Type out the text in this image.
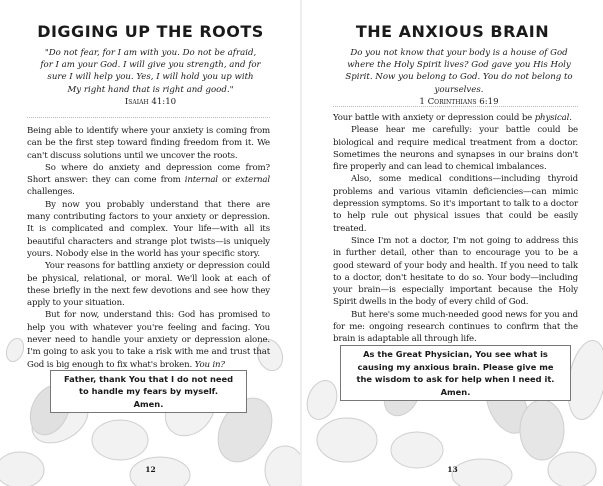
DIGGING UP THE ROOTS
"Do not fear, for I am with you. Do not be afraid, for I am your God. I will give you strength, and for sure I will help you. Yes, I will hold you up with My right hand that is right and good."
Isaiah 41:10

Being able to identify where your anxiety is coming from can be the first step toward finding freedom from it. We can't discuss solutions until we uncover the roots.

So where do anxiety and depression come from? Short answer: they can come from internal or external challenges.

By now you probably understand that there are many contributing factors to your anxiety or depression. It is complicated and complex. Your life—with all its beautiful characters and strange plot twists—is uniquely yours. Nobody else in the world has your specific story.

Your reasons for battling anxiety or depression could be physical, relational, or moral. We'll look at each of these briefly in the next few devotions and see how they apply to your situation.

But for now, understand this: God has promised to help you with whatever you're feeling and facing. You never need to handle your anxiety or depression alone. I'm going to ask you to take a risk with me and trust that God is big enough to fix what's broken. You in?

Father, thank You that I do not need to handle my fears by myself. Amen.
12
THE ANXIOUS BRAIN
Do you not know that your body is a house of God where the Holy Spirit lives? God gave you His Holy Spirit. Now you belong to God. You do not belong to yourselves.
1 Corinthians 6:19

Your battle with anxiety or depression could be physical.

Please hear me carefully: your battle could be biological and require medical treatment from a doctor. Sometimes the neurons and synapses in our brains don't fire properly and can lead to chemical imbalances.

Also, some medical conditions—including thyroid problems and various vitamin deficiencies—can mimic depression symptoms. So it's important to talk to a doctor to help rule out physical issues that could be easily treated.

Since I'm not a doctor, I'm not going to address this in further detail, other than to encourage you to be a good steward of your body and health. If you need to talk to a doctor, don't hesitate to do so. Your body—including your brain—is especially important because the Holy Spirit dwells in the body of every child of God.

But here's some much-needed good news for you and for me: ongoing research continues to confirm that the brain is adaptable all through life.

As the Great Physician, You see what is causing my anxious brain. Please give me the wisdom to ask for help when I need it. Amen.
13
